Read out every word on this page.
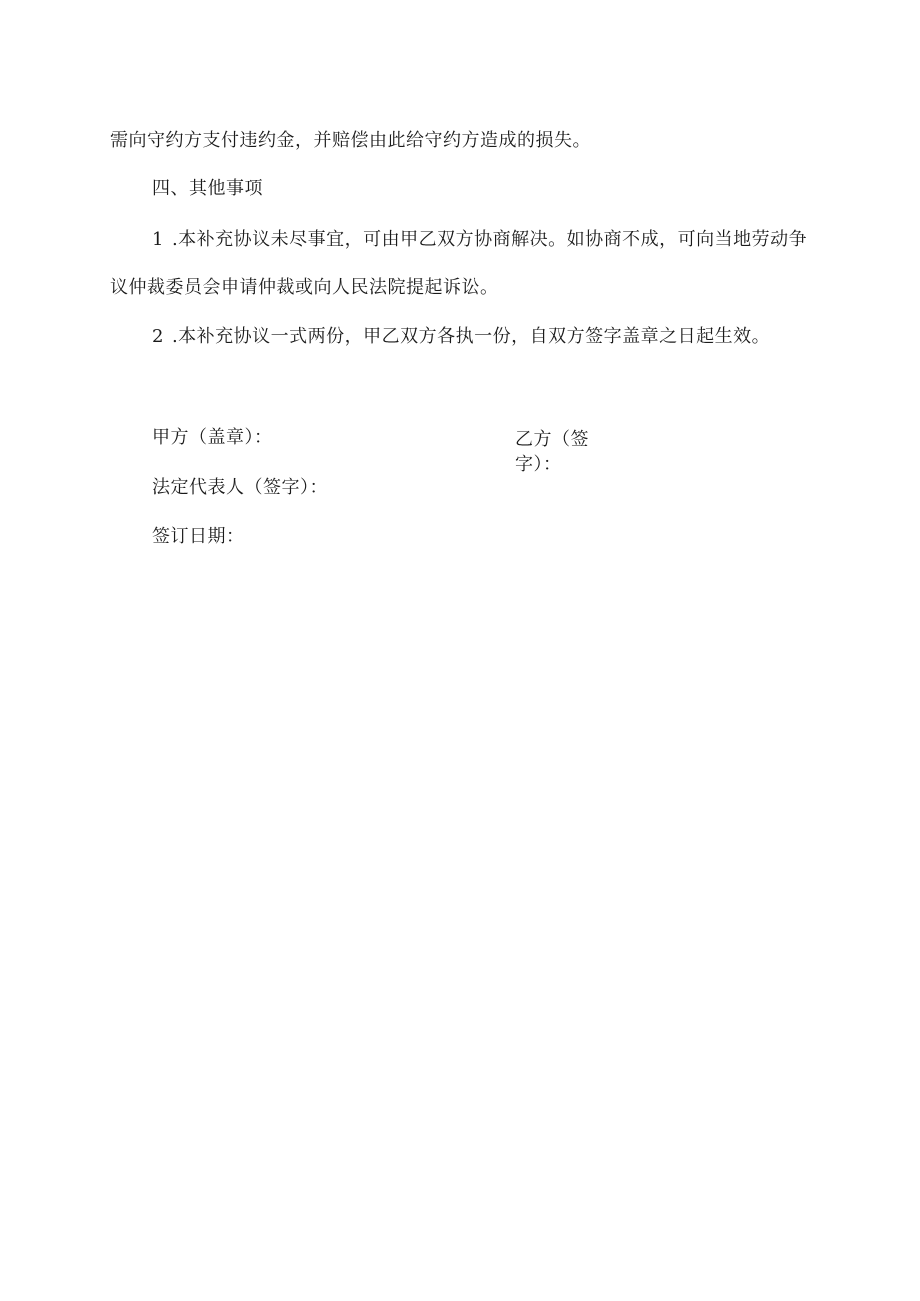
需向守约方支付违约金，并赔偿由此给守约方造成的损失。
四、其他事项
1 .本补充协议未尽事宜，可由甲乙双方协商解决。如协商不成，可向当地劳动争
议仲裁委员会申请仲裁或向人民法院提起诉讼。
2 .本补充协议一式两份，甲乙双方各执一份，自双方签字盖章之日起生效。
甲方（盖章）：	乙方（签
字）：
法定代表人（签字）：
签订日期：
